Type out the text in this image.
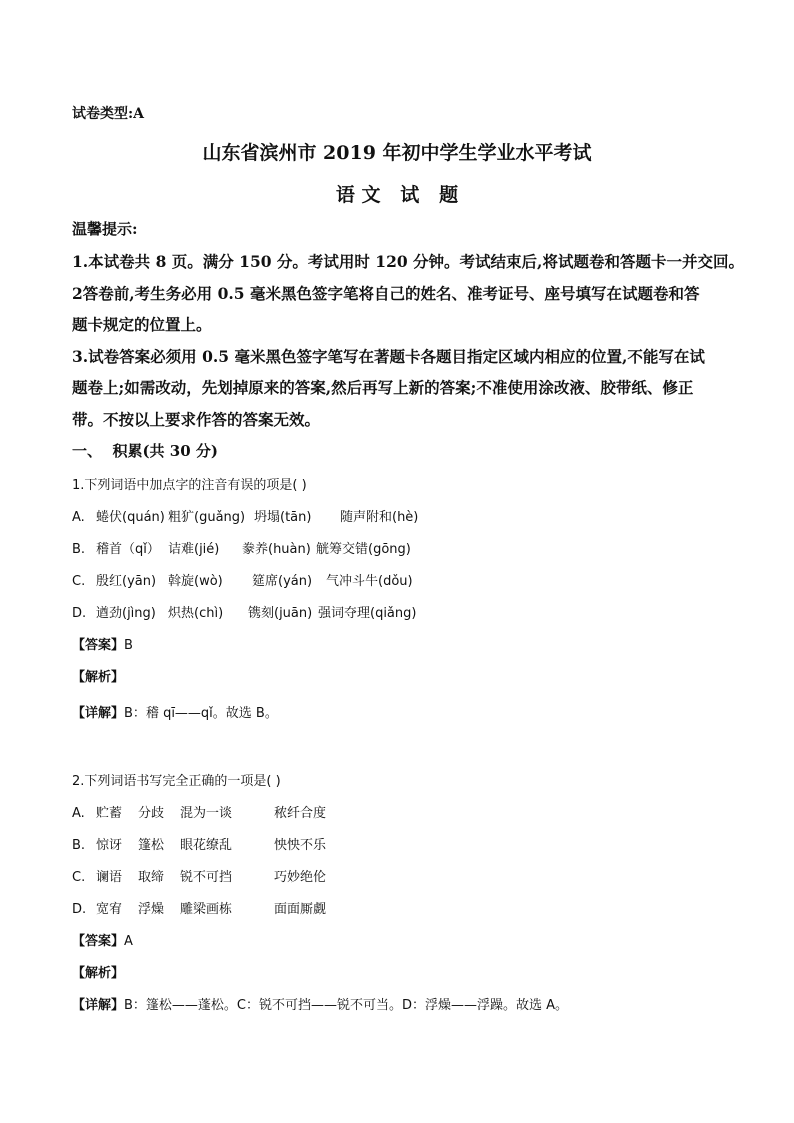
试卷类型:A
山东省滨州市 2019 年初中学生学业水平考试
语 文   试   题
温馨提示:
1.本试卷共 8 页。满分 150 分。考试用时 120 分钟。考试结束后,将试题卷和答题卡一并交回。
2答卷前,考生务必用 0.5 毫米黑色签字笔将自己的姓名、准考证号、座号填写在试题卷和答
题卡规定的位置上。
3.试卷答案必须用 0.5 毫米黑色签字笔写在著题卡各题目指定区域内相应的位置,不能写在试
题卷上;如需改动，先划掉原来的答案,然后再写上新的答案;不准使用涂改液、胶带纸、修正
带。不按以上要求作答的答案无效。
一、  积累(共 30 分)
1.下列词语中加点字的注音有误的项是( )
A. 蜷伏(quán) 粗犷(guǎng) 坍塌(tān) 随声附和(hè)
B. 稽首（qǐ） 诘难(jié) 豢养(huàn) 觥筹交错(gōng)
C. 殷红(yān) 斡旋(wò) 筵席(yán) 气冲斗牛(dǒu)
D. 遒劲(jìng) 炽热(chì) 镌刻(juān) 强词夺理(qiǎng)
【答案】B
【解析】
【详解】B：稽 qī——qǐ。故选 B。
2.下列词语书写完全正确的一项是( )
A. 贮蓄 分歧 混为一谈	秾纤合度
B. 惊讶 篷松 眼花缭乱	怏怏不乐
C. 谰语 取缔 锐不可挡	巧妙绝伦
D. 宽宥 浮燥 雕梁画栋	面面厮觑
【答案】A
【解析】
【详解】B：篷松——蓬松。C：锐不可挡——锐不可当。D：浮燥——浮躁。故选 A。
